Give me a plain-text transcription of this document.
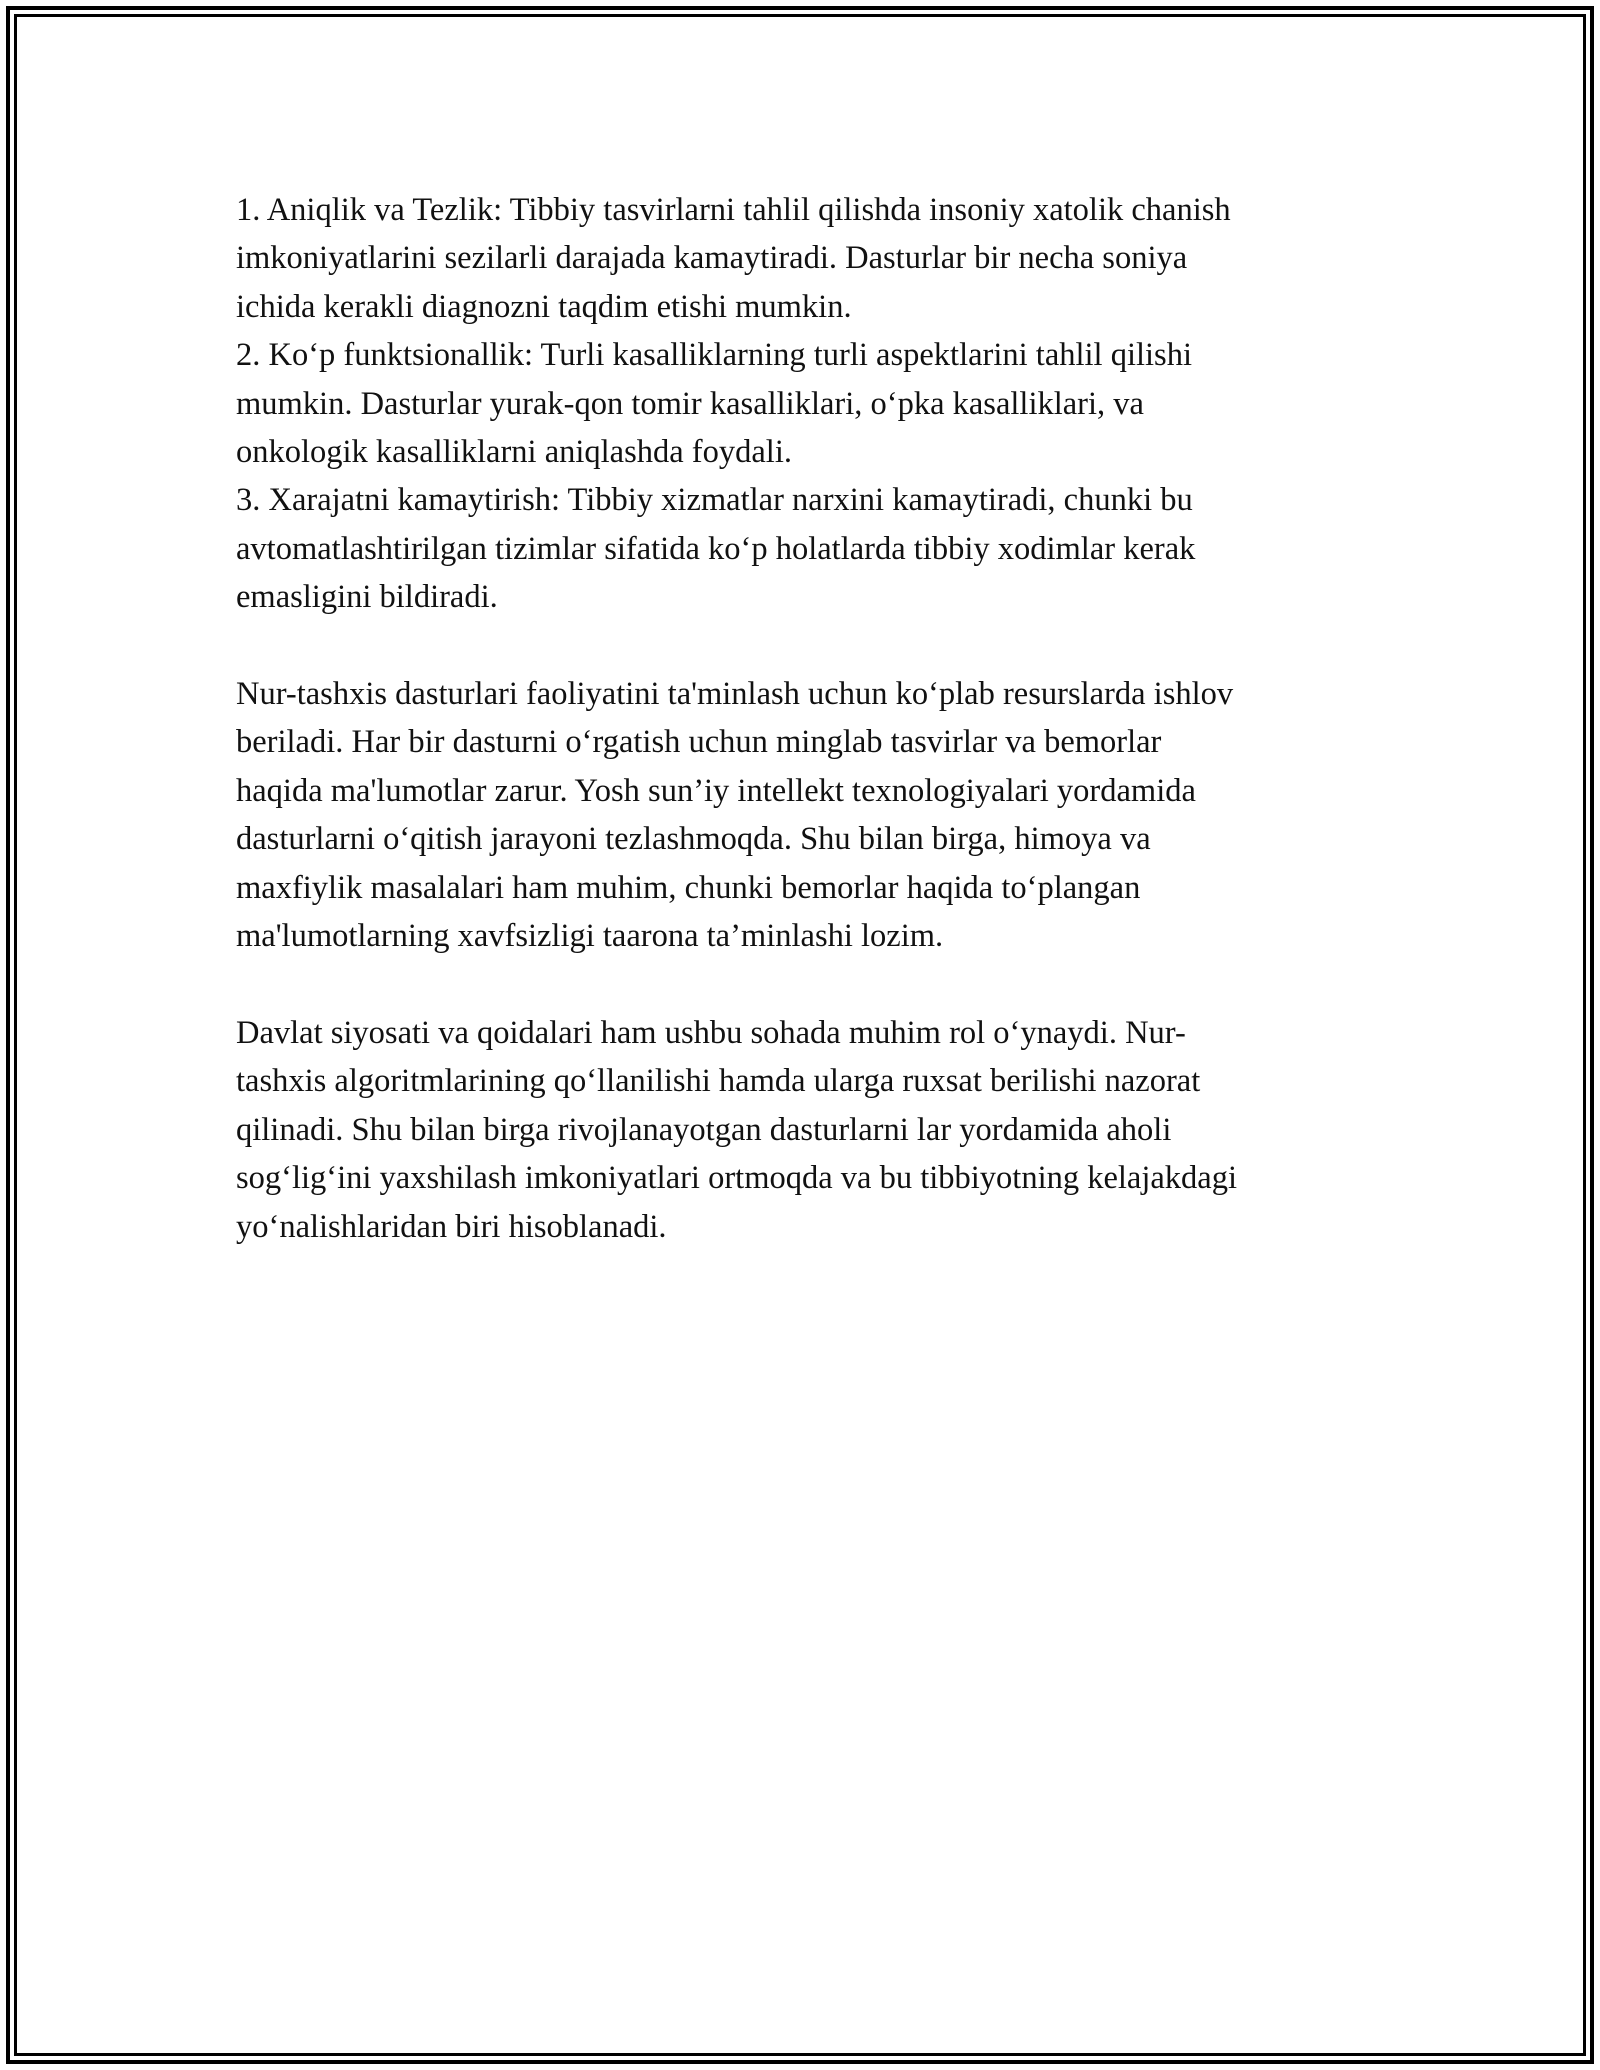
1. Aniqlik va Tezlik: Tibbiy tasvirlarni tahlil qilishda insoniy xatolik chanish

imkoniyatlarini sezilarli darajada kamaytiradi. Dasturlar bir necha soniya

ichida kerakli diagnozni taqdim etishi mumkin.

2. Ko‘p funktsionallik: Turli kasalliklarning turli aspektlarini tahlil qilishi

mumkin. Dasturlar yurak-qon tomir kasalliklari, o‘pka kasalliklari, va

onkologik kasalliklarni aniqlashda foydali.

3. Xarajatni kamaytirish: Tibbiy xizmatlar narxini kamaytiradi, chunki bu

avtomatlashtirilgan tizimlar sifatida ko‘p holatlarda tibbiy xodimlar kerak

emasligini bildiradi.

Nur-tashxis dasturlari faoliyatini ta'minlash uchun ko‘plab resurslarda ishlov

beriladi. Har bir dasturni o‘rgatish uchun minglab tasvirlar va bemorlar

haqida ma'lumotlar zarur. Yosh sun’iy intellekt texnologiyalari yordamida

dasturlarni o‘qitish jarayoni tezlashmoqda. Shu bilan birga, himoya va

maxfiylik masalalari ham muhim, chunki bemorlar haqida to‘plangan

ma'lumotlarning xavfsizligi taarona ta’minlashi lozim.

Davlat siyosati va qoidalari ham ushbu sohada muhim rol o‘ynaydi. Nur-

tashxis algoritmlarining qo‘llanilishi hamda ularga ruxsat berilishi nazorat

qilinadi. Shu bilan birga rivojlanayotgan dasturlarni lar yordamida aholi

sog‘lig‘ini yaxshilash imkoniyatlari ortmoqda va bu tibbiyotning kelajakdagi

yo‘nalishlaridan biri hisoblanadi.
